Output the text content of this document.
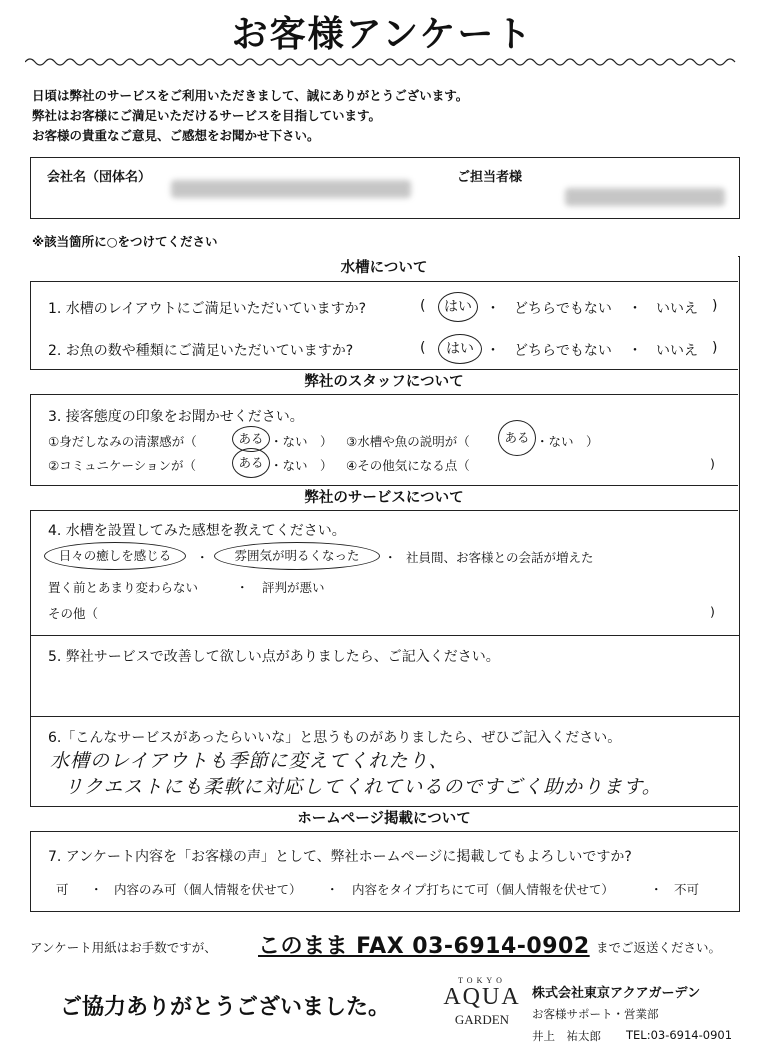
お客様アンケート
日頃は弊社のサービスをご利用いただきまして、誠にありがとうございます。
弊社はお客様にご満足いただけるサービスを目指しています。
お客様の貴重なご意見、ご感想をお聞かせ下さい。
会社名（団体名）	ご担当者様
※該当箇所に○をつけてください
水槽について
1. 水槽のレイアウトにご満足いただいていますか?	(	はい	・ どちらでもない ・ いいえ )
2. お魚の数や種類にご満足いただいていますか?	(	はい ・ どちらでもない ・ いいえ )
弊社のスタッフについて
3. 接客態度の印象をお聞かせください。
①身だしなみの清潔感が（	ある ・ない　） ③水槽や魚の説明が（	ある ・ない　）
②コミュニケーションが（	ある ・ない　） ④その他気になる点（	)
弊社のサービスについて
4. 水槽を設置してみた感想を教えてください。
日々の癒しを感じる	・	雰囲気が明るくなった	・ 社員間、お客様との会話が増えた
置く前とあまり変わらない	・ 評判が悪い
その他（	)
5. 弊社サービスで改善して欲しい点がありましたら、ご記入ください。
6.「こんなサービスがあったらいいな」と思うものがありましたら、ぜひご記入ください。
水槽のレイアウトも季節に変えてくれたり、
リクエストにも柔軟に対応してくれているのですごく助かります。
ホームページ掲載について
7. アンケート内容を「お客様の声」として、弊社ホームページに掲載してもよろしいですか?
可 ・ 内容のみ可（個人情報を伏せて） ・ 内容をタイプ打ちにて可（個人情報を伏せて）	・ 不可
アンケート用紙はお手数ですが、 このまま FAX 03-6914-0902 までご返送ください。
ご協力ありがとうございました。
TOKYO
AQUA
GARDEN
株式会社東京アクアガーデン
お客様サポート・営業部
井上　祐太郎 TEL:03-6914-0901
